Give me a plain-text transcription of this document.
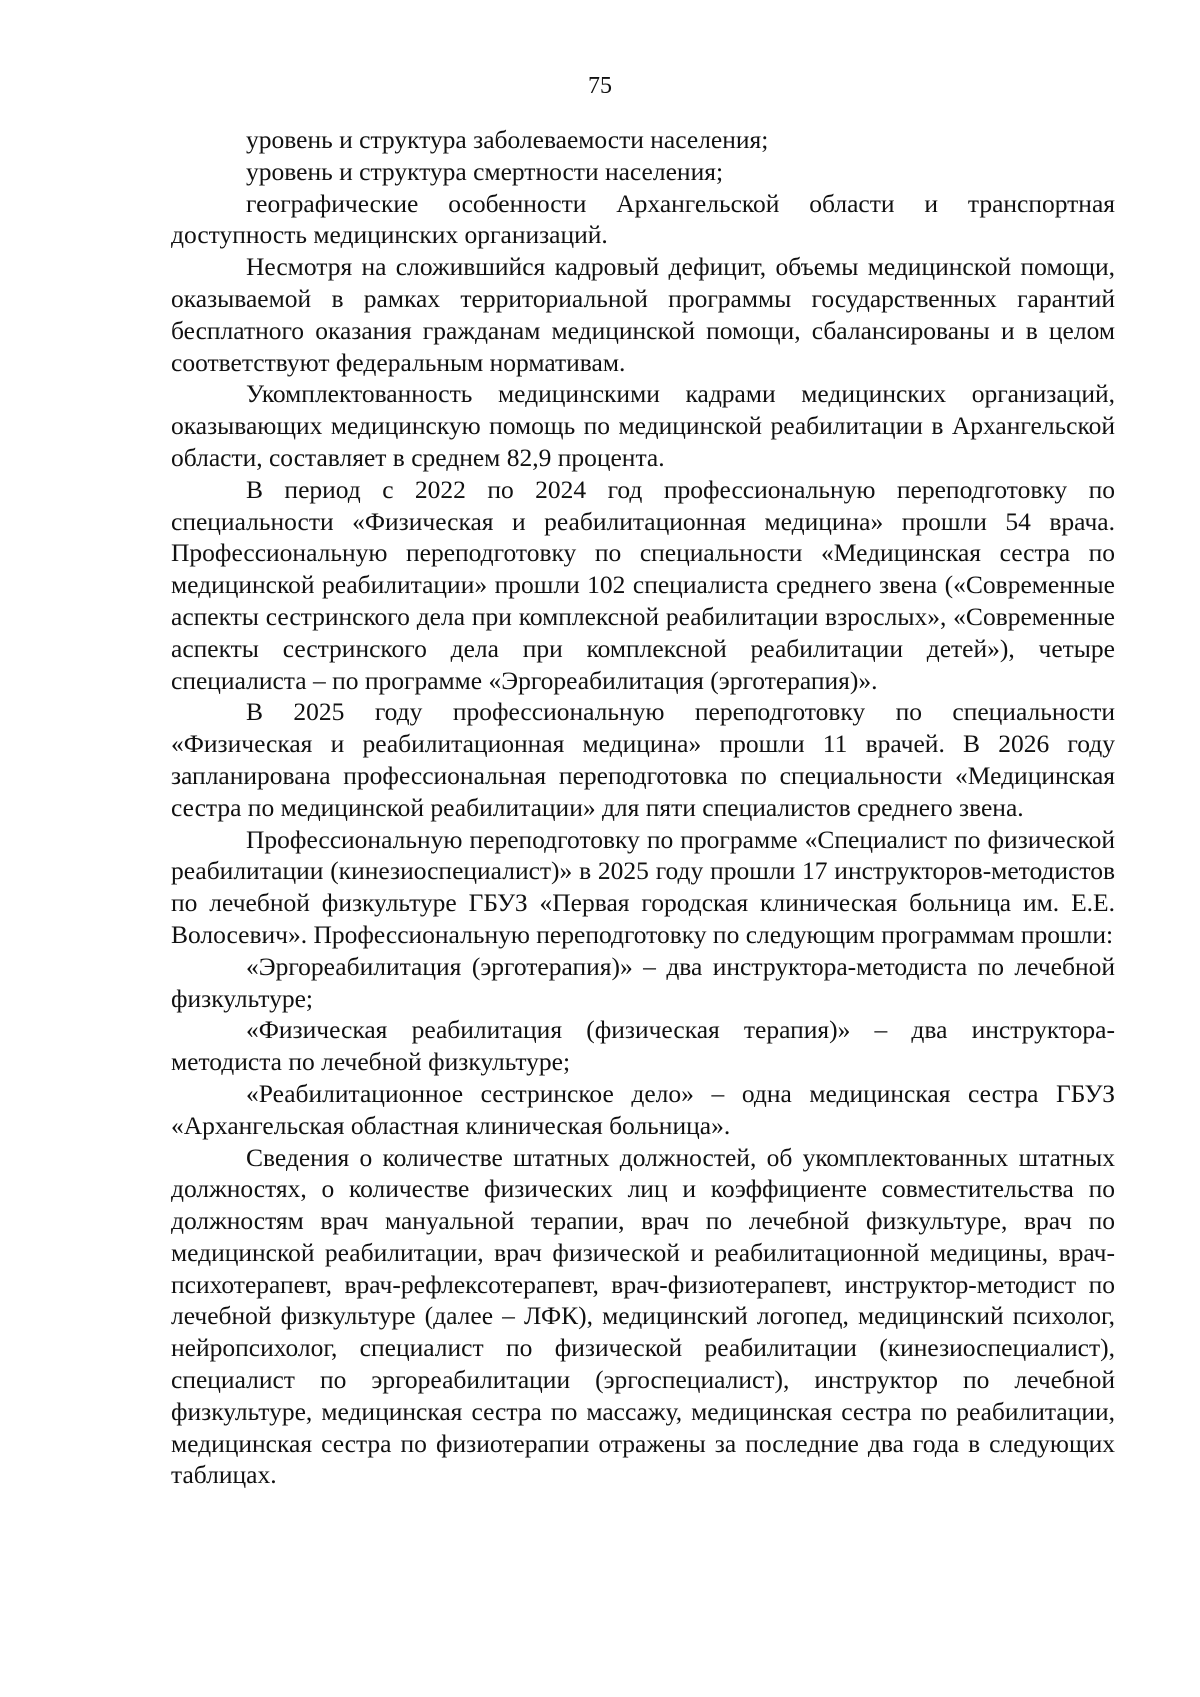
75

уровень и структура заболеваемости населения;

уровень и структура смертности населения;

географические особенности Архангельской области и транспортная доступность медицинских организаций.

Несмотря на сложившийся кадровый дефицит, объемы медицинской помощи, оказываемой в рамках территориальной программы государственных гарантий бесплатного оказания гражданам медицинской помощи, сбалансированы и в целом соответствуют федеральным нормативам.

Укомплектованность медицинскими кадрами медицинских организаций, оказывающих медицинскую помощь по медицинской реабилитации в Архангельской области, составляет в среднем 82,9 процента.

В период с 2022 по 2024 год профессиональную переподготовку по специальности «Физическая и реабилитационная медицина» прошли 54 врача. Профессиональную переподготовку по специальности «Медицинская сестра по медицинской реабилитации» прошли 102 специалиста среднего звена («Современные аспекты сестринского дела при комплексной реабилитации взрослых», «Современные аспекты сестринского дела при комплексной реабилитации детей»), четыре специалиста – по программе «Эргореабилитация (эрготерапия)».

В 2025 году профессиональную переподготовку по специальности «Физическая и реабилитационная медицина» прошли 11 врачей. В 2026 году запланирована профессиональная переподготовка по специальности «Медицинская сестра по медицинской реабилитации» для пяти специалистов среднего звена.

Профессиональную переподготовку по программе «Специалист по физической реабилитации (кинезиоспециалист)» в 2025 году прошли 17 инструкторов-методистов по лечебной физкультуре ГБУЗ «Первая городская клиническая больница им. Е.Е. Волосевич». Профессиональную переподготовку по следующим программам прошли:

«Эргореабилитация (эрготерапия)» – два инструктора-методиста по лечебной физкультуре;

«Физическая реабилитация (физическая терапия)» – два инструктора-методиста по лечебной физкультуре;

«Реабилитационное сестринское дело» – одна медицинская сестра ГБУЗ «Архангельская областная клиническая больница».

Сведения о количестве штатных должностей, об укомплектованных штатных должностях, о количестве физических лиц и коэффициенте совместительства по должностям врач мануальной терапии, врач по лечебной физкультуре, врач по медицинской реабилитации, врач физической и реабилитационной медицины, врач-психотерапевт, врач-рефлексотерапевт, врач-физиотерапевт, инструктор-методист по лечебной физкультуре (далее – ЛФК), медицинский логопед, медицинский психолог, нейропсихолог, специалист по физической реабилитации (кинезиоспециалист), специалист по эргореабилитации (эргоспециалист), инструктор по лечебной физкультуре, медицинская сестра по массажу, медицинская сестра по реабилитации, медицинская сестра по физиотерапии отражены за последние два года в следующих таблицах.
